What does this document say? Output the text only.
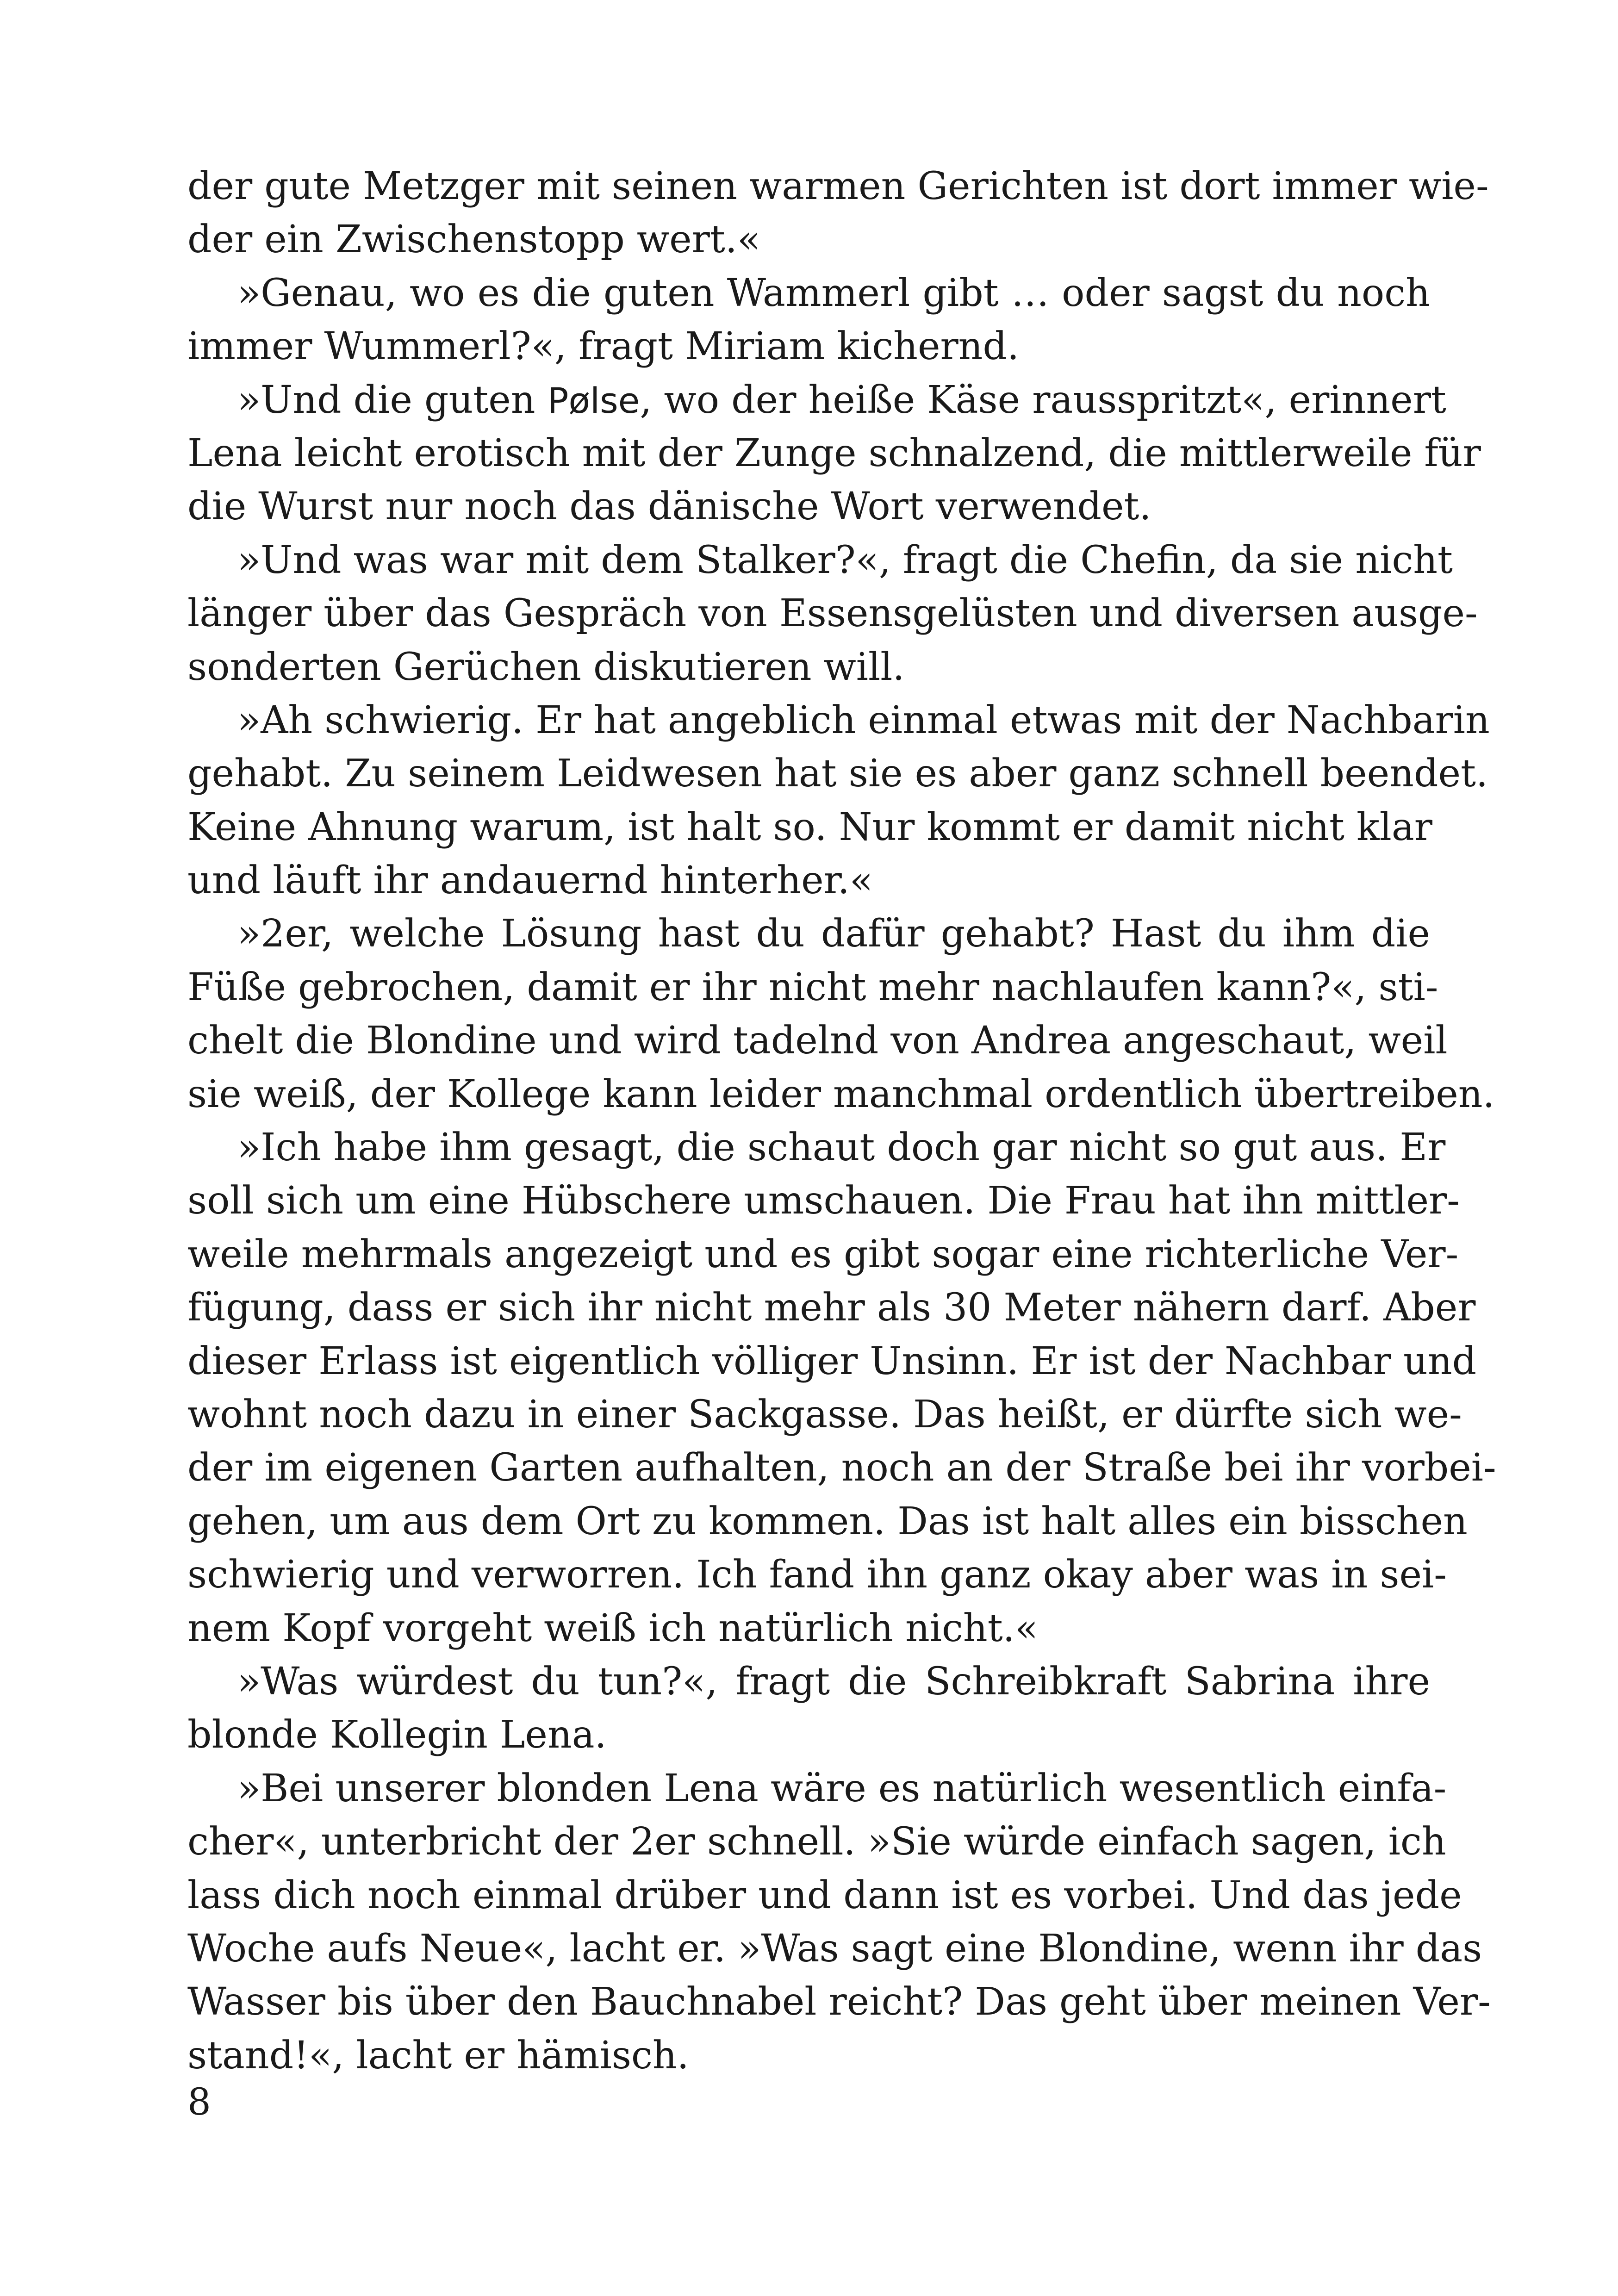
der gute Metzger mit seinen warmen Gerichten ist dort immer wie-
der ein Zwischenstopp wert.«
»Genau, wo es die guten Wammerl gibt … oder sagst du noch
immer Wummerl?«, fragt Miriam kichernd.
»Und die guten Pølse, wo der heiße Käse rausspritzt«, erinnert
Lena leicht erotisch mit der Zunge schnalzend, die mittlerweile für
die Wurst nur noch das dänische Wort verwendet.
»Und was war mit dem Stalker?«, fragt die Chefin, da sie nicht
länger über das Gespräch von Essensgelüsten und diversen ausge-
sonderten Gerüchen diskutieren will.
»Ah schwierig. Er hat angeblich einmal etwas mit der Nachbarin
gehabt. Zu seinem Leidwesen hat sie es aber ganz schnell beendet.
Keine Ahnung warum, ist halt so. Nur kommt er damit nicht klar
und läuft ihr andauernd hinterher.«
»2er, welche Lösung hast du dafür gehabt? Hast du ihm die
Füße gebrochen, damit er ihr nicht mehr nachlaufen kann?«, sti-
chelt die Blondine und wird tadelnd von Andrea angeschaut, weil
sie weiß, der Kollege kann leider manchmal ordentlich übertreiben.
»Ich habe ihm gesagt, die schaut doch gar nicht so gut aus. Er
soll sich um eine Hübschere umschauen. Die Frau hat ihn mittler-
weile mehrmals angezeigt und es gibt sogar eine richterliche Ver-
fügung, dass er sich ihr nicht mehr als 30 Meter nähern darf. Aber
dieser Erlass ist eigentlich völliger Unsinn. Er ist der Nachbar und
wohnt noch dazu in einer Sackgasse. Das heißt, er dürfte sich we-
der im eigenen Garten aufhalten, noch an der Straße bei ihr vorbei-
gehen, um aus dem Ort zu kommen. Das ist halt alles ein bisschen
schwierig und verworren. Ich fand ihn ganz okay aber was in sei-
nem Kopf vorgeht weiß ich natürlich nicht.«
»Was würdest du tun?«, fragt die Schreibkraft Sabrina ihre
blonde Kollegin Lena.
»Bei unserer blonden Lena wäre es natürlich wesentlich einfa-
cher«, unterbricht der 2er schnell. »Sie würde einfach sagen, ich
lass dich noch einmal drüber und dann ist es vorbei. Und das jede
Woche aufs Neue«, lacht er. »Was sagt eine Blondine, wenn ihr das
Wasser bis über den Bauchnabel reicht? Das geht über meinen Ver-
stand!«, lacht er hämisch.
8
